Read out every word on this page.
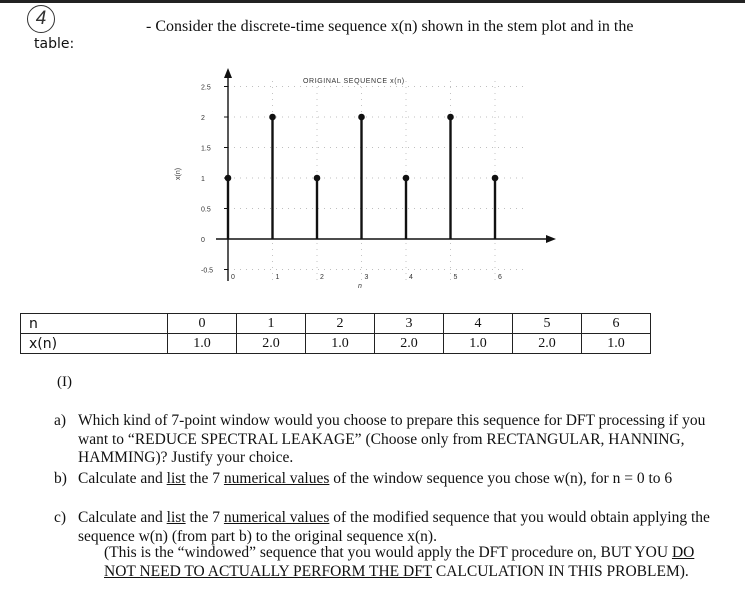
4
table:
- Consider the discrete-time sequence x(n) shown in the stem plot and in the
2.5
2
1.5
1
0.5
0
-0.5
0	1	2	3	4	5	6
ORIGINAL SEQUENCE x(n)
n
x(n)
n	0	1	2	3	4	5	6
x(n)	1.0	2.0	1.0	2.0	1.0	2.0	1.0
(I)
a) Which kind of 7-point window would you choose to prepare this sequence for DFT processing if you want to “REDUCE SPECTRAL LEAKAGE” (Choose only from RECTANGULAR, HANNING, HAMMING)? Justify your choice.
b) Calculate and list the 7 numerical values of the window sequence you chose w(n), for n = 0 to 6
c) Calculate and list the 7 numerical values of the modified sequence that you would obtain applying the sequence w(n) (from part b) to the original sequence x(n).
(This is the “windowed” sequence that you would apply the DFT procedure on, BUT YOU DO NOT NEED TO ACTUALLY PERFORM THE DFT CALCULATION IN THIS PROBLEM).
